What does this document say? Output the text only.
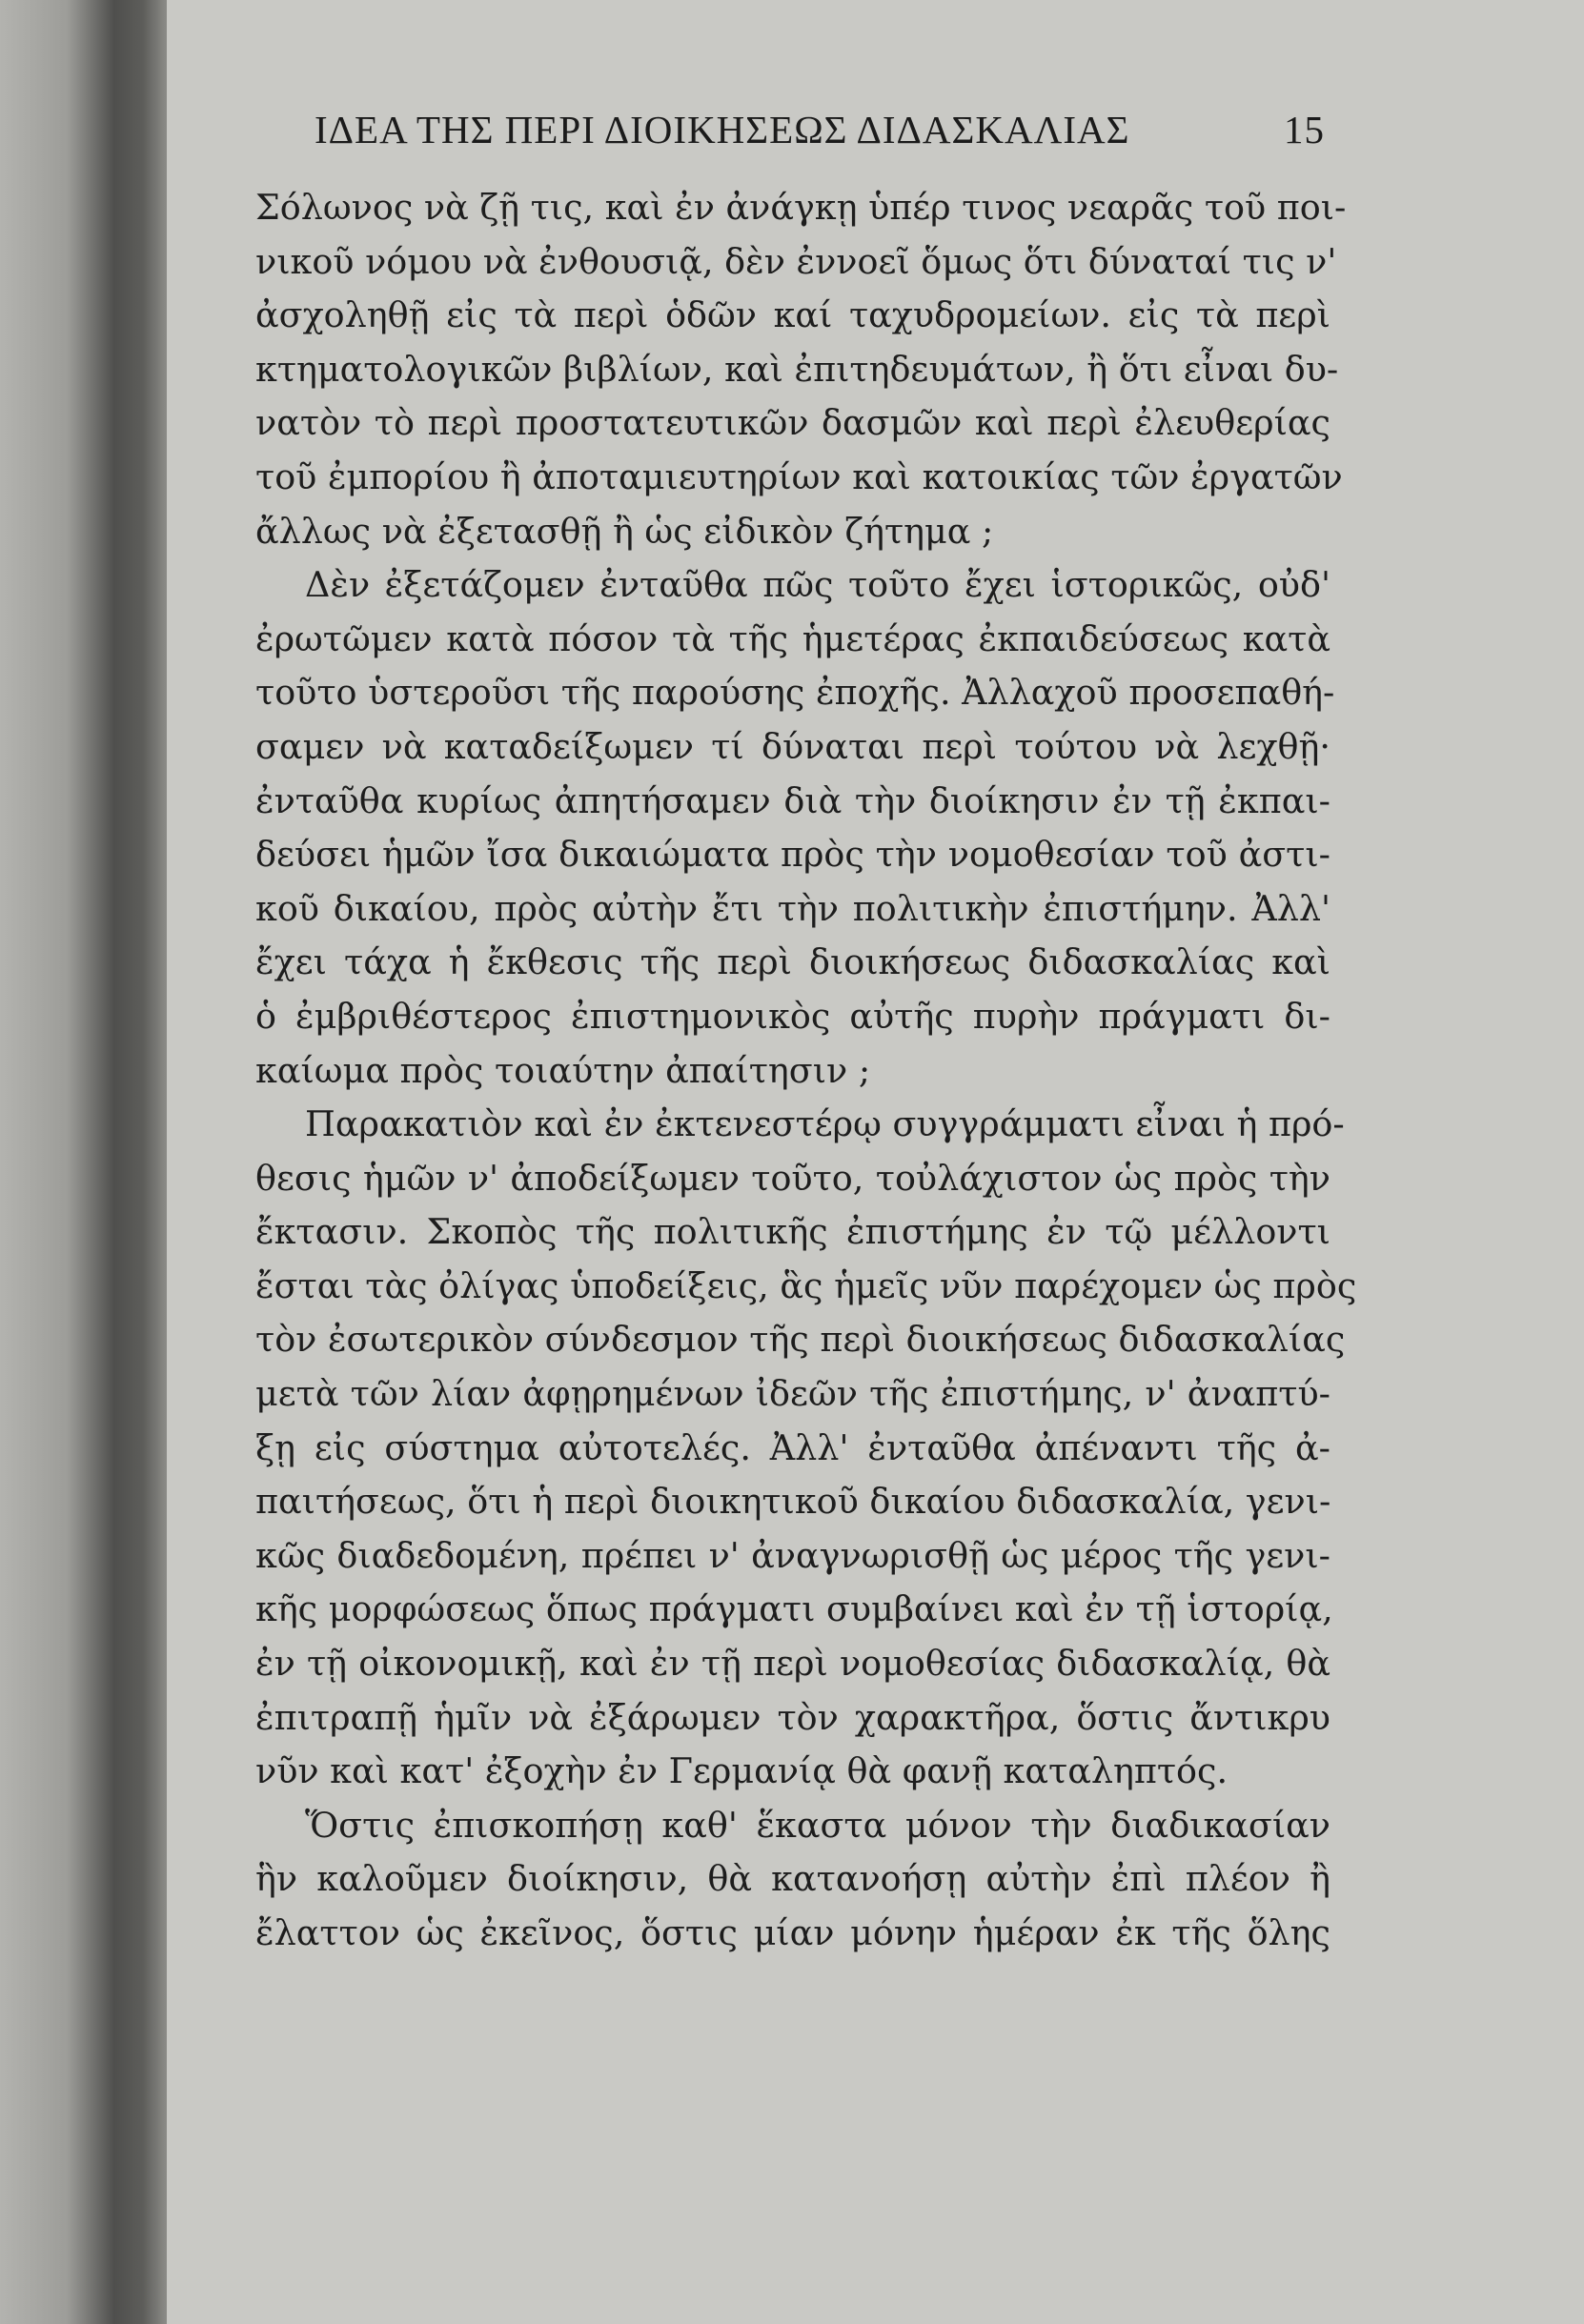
ΙΔΕΑ ΤΗΣ ΠΕΡΙ ΔΙΟΙΚΗΣΕΩΣ ΔΙΔΑΣΚΑΛΙΑΣ	15
Σόλωνος νὰ ζῇ τις, καὶ ἐν ἀνάγκῃ ὑπέρ τινος νεαρᾶς τοῦ ποι-
νικοῦ νόμου νὰ ἐνθουσιᾷ, δὲν ἐννοεῖ ὅμως ὅτι δύναταί τις ν'
ἀσχοληθῇ εἰς τὰ περὶ ὁδῶν καί ταχυδρομείων. εἰς τὰ περὶ
κτηματολογικῶν βιβλίων, καὶ ἐπιτηδευμάτων, ἢ ὅτι εἶναι δυ-
νατὸν τὸ περὶ προστατευτικῶν δασμῶν καὶ περὶ ἐλευθερίας
τοῦ ἐμπορίου ἢ ἀποταμιευτηρίων καὶ κατοικίας τῶν ἐργατῶν
ἄλλως νὰ ἐξετασθῇ ἢ ὡς εἰδικὸν ζήτημα ;
Δὲν ἐξετάζομεν ἐνταῦθα πῶς τοῦτο ἔχει ἱστορικῶς, οὐδ'
ἐρωτῶμεν κατὰ πόσον τὰ τῆς ἡμετέρας ἐκπαιδεύσεως κατὰ
τοῦτο ὑστεροῦσι τῆς παρούσης ἐποχῆς. Ἀλλαχοῦ προσεπαθή-
σαμεν νὰ καταδείξωμεν τί δύναται περὶ τούτου νὰ λεχθῇ·
ἐνταῦθα κυρίως ἀπητήσαμεν διὰ τὴν διοίκησιν ἐν τῇ ἐκπαι-
δεύσει ἡμῶν ἴσα δικαιώματα πρὸς τὴν νομοθεσίαν τοῦ ἀστι-
κοῦ δικαίου, πρὸς αὐτὴν ἔτι τὴν πολιτικὴν ἐπιστήμην. Ἀλλ'
ἔχει τάχα ἡ ἔκθεσις τῆς περὶ διοικήσεως διδασκαλίας καὶ
ὁ ἐμβριθέστερος ἐπιστημονικὸς αὐτῆς πυρὴν πράγματι δι-
καίωμα πρὸς τοιαύτην ἀπαίτησιν ;
Παρακατιὸν καὶ ἐν ἐκτενεστέρῳ συγγράμματι εἶναι ἡ πρό-
θεσις ἡμῶν ν' ἀποδείξωμεν τοῦτο, τοὐλάχιστον ὡς πρὸς τὴν
ἔκτασιν. Σκοπὸς τῆς πολιτικῆς ἐπιστήμης ἐν τῷ μέλλοντι
ἔσται τὰς ὀλίγας ὑποδείξεις, ἃς ἡμεῖς νῦν παρέχομεν ὡς πρὸς
τὸν ἐσωτερικὸν σύνδεσμον τῆς περὶ διοικήσεως διδασκαλίας
μετὰ τῶν λίαν ἀφῃρημένων ἰδεῶν τῆς ἐπιστήμης, ν' ἀναπτύ-
ξῃ εἰς σύστημα αὐτοτελές. Ἀλλ' ἐνταῦθα ἀπέναντι τῆς ἀ-
παιτήσεως, ὅτι ἡ περὶ διοικητικοῦ δικαίου διδασκαλία, γενι-
κῶς διαδεδομένη, πρέπει ν' ἀναγνωρισθῇ ὡς μέρος τῆς γενι-
κῆς μορφώσεως ὅπως πράγματι συμβαίνει καὶ ἐν τῇ ἱστορίᾳ,
ἐν τῇ οἰκονομικῇ, καὶ ἐν τῇ περὶ νομοθεσίας διδασκαλίᾳ, θὰ
ἐπιτραπῇ ἡμῖν νὰ ἐξάρωμεν τὸν χαρακτῆρα, ὅστις ἄντικρυ
νῦν καὶ κατ' ἐξοχὴν ἐν Γερμανίᾳ θὰ φανῇ καταληπτός.
Ὅστις ἐπισκοπήσῃ καθ' ἕκαστα μόνον τὴν διαδικασίαν
ἣν καλοῦμεν διοίκησιν, θὰ κατανοήσῃ αὐτὴν ἐπὶ πλέον ἢ
ἔλαττον ὡς ἐκεῖνος, ὅστις μίαν μόνην ἡμέραν ἐκ τῆς ὅλης
